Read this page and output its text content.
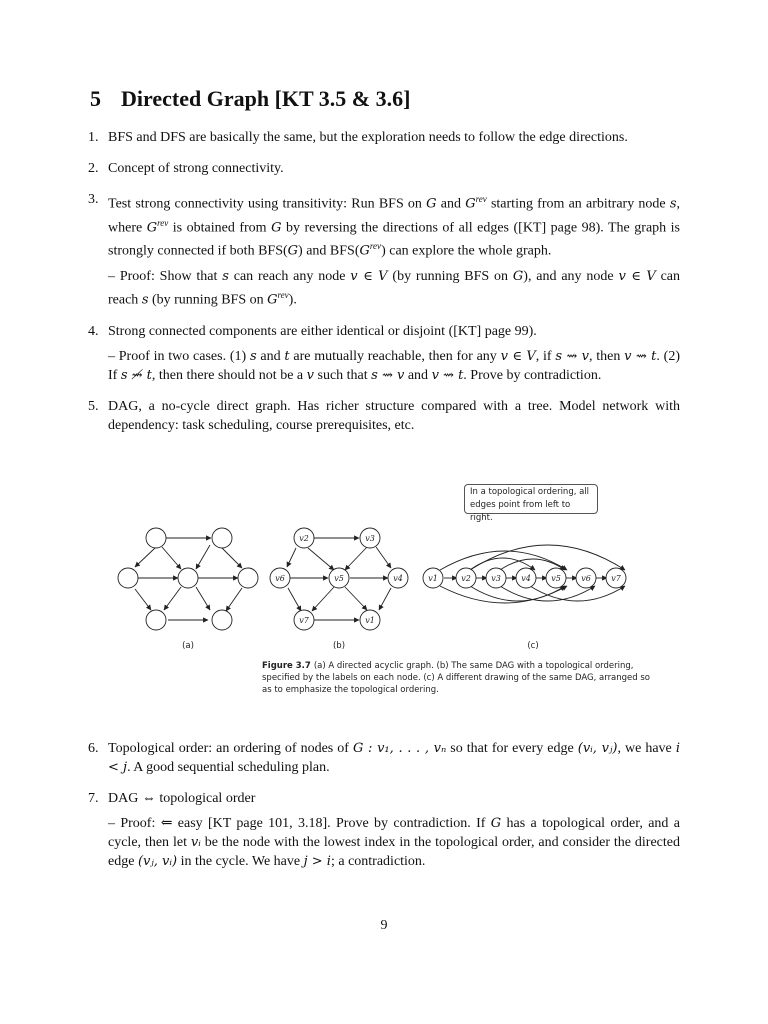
5 Directed Graph [KT 3.5 & 3.6]
1. BFS and DFS are basically the same, but the exploration needs to follow the edge directions.

2. Concept of strong connectivity.

3. Test strong connectivity using transitivity: Run BFS on G and $G^{rev}$ starting from an arbitrary node s, where $G^{rev}$ is obtained from G by reversing the directions of all edges ([KT] page 98). The graph is strongly connected if both BFS(G) and $BFS(G^{rev})$ can explore the whole graph.

– Proof: Show that s can reach any node v ∈ V (by running BFS on G), and any node v ∈ V can reach s (by running BFS on $G^{rev}$).

4. Strong connected components are either identical or disjoint ([KT] page 99).

– Proof in two cases. (1) s and t are mutually reachable, then for any v ∈ V, if s ⇝ v, then v ⇝ t. (2) If s ⇝̸ t, then there should not be a v such that s ⇝ v and v ⇝ t. Prove by contradiction.

5. DAG, a no-cycle direct graph. Has richer structure compared with a tree. Model network with dependency: task scheduling, course prerequisites, etc.

In a topological ordering, all edges point from left to right.
v2	v3
v6	v5	v4
v7	v1
v1	v2	v3	v4	v5	v6	v7
(a)	(b)	(c)
Figure 3.7 (a) A directed acyclic graph. (b) The same DAG with a topological ordering, specified by the labels on each node. (c) A different drawing of the same DAG, arranged so as to emphasize the topological ordering.
6. Topological order: an ordering of nodes of G : v₁, . . . , vₙ so that for every edge (vᵢ, vⱼ), we have i < j. A good sequential scheduling plan.

7. DAG ⇔ topological order

– Proof: ⇐ easy [KT page 101, 3.18]. Prove by contradiction. If G has a topological order, and a cycle, then let vᵢ be the node with the lowest index in the topological order, and consider the directed edge (vⱼ, vᵢ) in the cycle. We have j > i; a contradiction.

9
